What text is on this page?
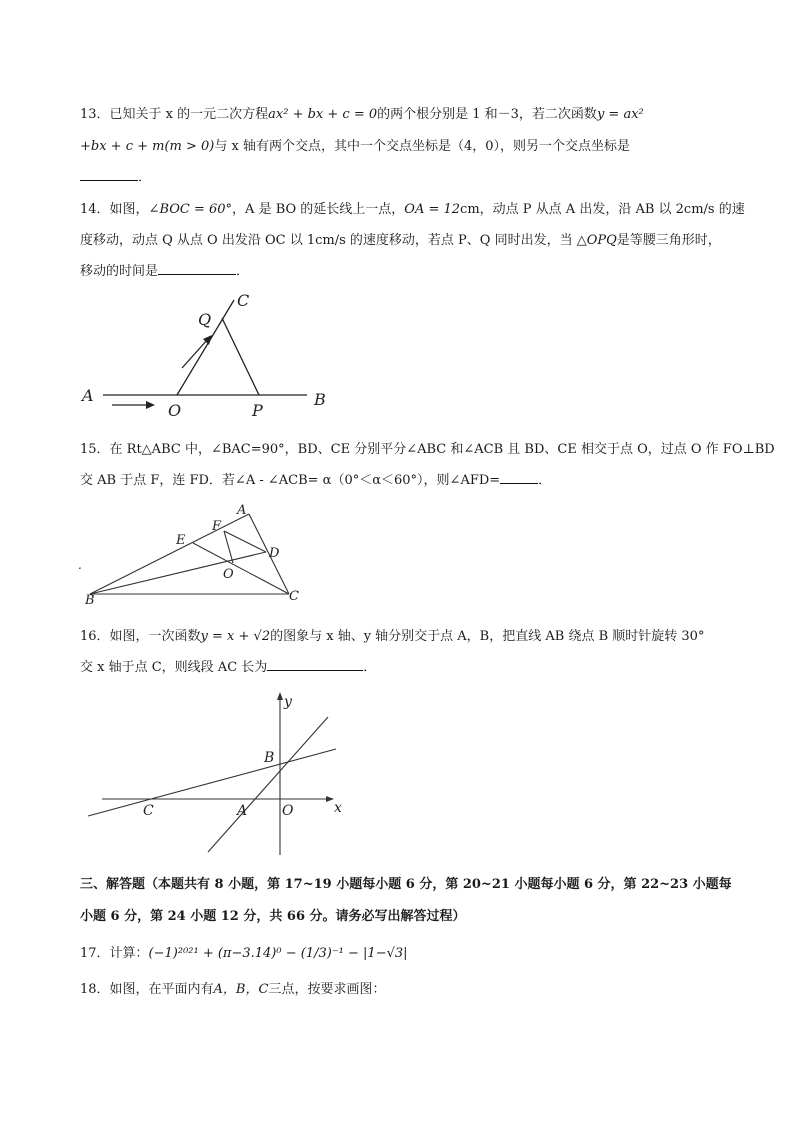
13．已知关于 x 的一元二次方程ax² + bx + c = 0的两个根分别是 1 和－3，若二次函数y = ax²
+bx + c + m(m > 0)与 x 轴有两个交点，其中一个交点坐标是（4，0），则另一个交点坐标是
．
14．如图，∠BOC = 60°，A 是 BO 的延长线上一点，OA = 12cm，动点 P 从点 A 出发，沿 AB 以 2cm/s 的速
度移动，动点 Q 从点 O 出发沿 OC 以 1cm/s 的速度移动，若点 P、Q 同时出发，当 △OPQ是等腰三角形时，
移动的时间是	．
A
O	P
B
Q
C
15．在 Rt△ABC 中，∠BAC=90°，BD、CE 分别平分∠ABC 和∠ACB 且 BD、CE 相交于点 O，过点 O 作 FO⊥BD
交 AB 于点 F，连 FD．若∠A - ∠ACB= α（0°＜α＜60°），则∠AFD=	．
A
F
E
D
O
B	C
.
16．如图，一次函数y = x + √2的图象与 x 轴、y 轴分别交于点 A，B，把直线 AB 绕点 B 顺时针旋转 30°
交 x 轴于点 C，则线段 AC 长为	．
y
x
B
C	A O
三、解答题（本题共有 8 小题，第 17~19 小题每小题 6 分，第 20~21 小题每小题 6 分，第 22~23 小题每
小题 6 分，第 24 小题 12 分，共 66 分。请务必写出解答过程）
17．计算：(−1)²⁰²¹ + (π−3.14)⁰ − (1/3)⁻¹ − |1−√3|
18．如图，在平面内有A，B，C三点，按要求画图：
